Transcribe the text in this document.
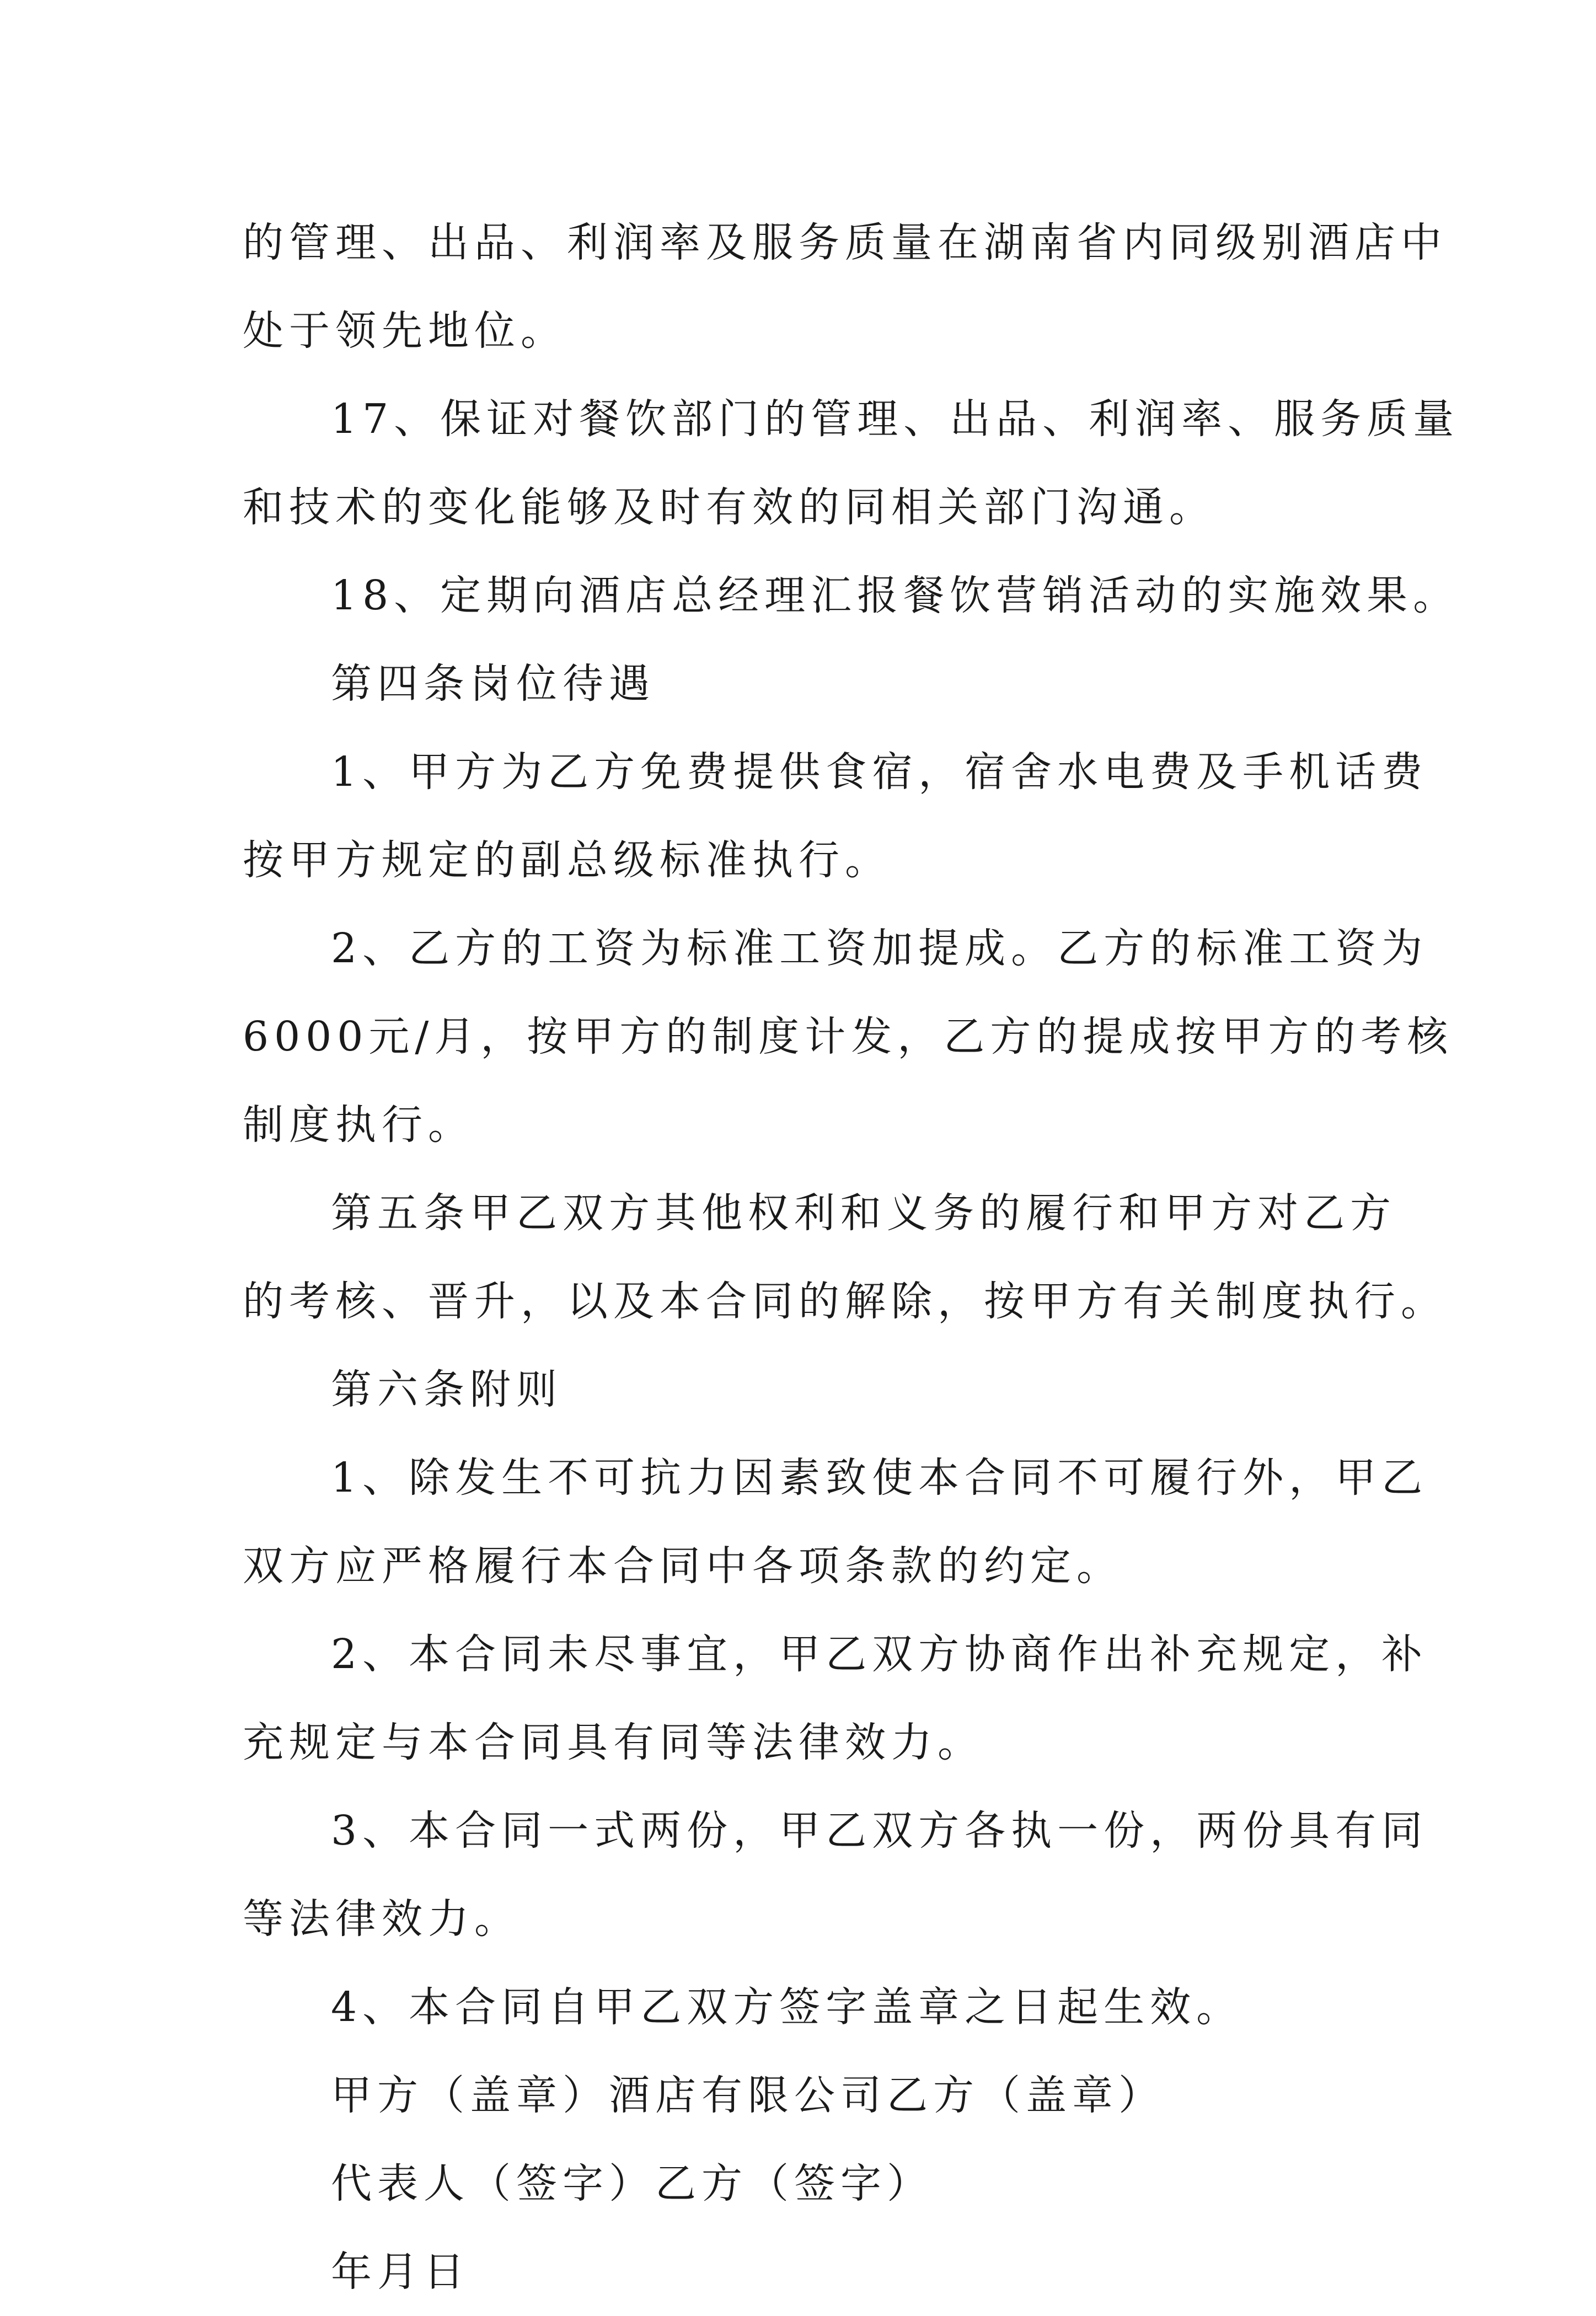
的管理、出品、利润率及服务质量在湖南省内同级别酒店中
处于领先地位。
17、保证对餐饮部门的管理、出品、利润率、服务质量
和技术的变化能够及时有效的同相关部门沟通。
18、定期向酒店总经理汇报餐饮营销活动的实施效果。
第四条岗位待遇
1、甲方为乙方免费提供食宿，宿舍水电费及手机话费
按甲方规定的副总级标准执行。
2、乙方的工资为标准工资加提成。乙方的标准工资为
6000元/月，按甲方的制度计发，乙方的提成按甲方的考核
制度执行。
第五条甲乙双方其他权利和义务的履行和甲方对乙方
的考核、晋升，以及本合同的解除，按甲方有关制度执行。
第六条附则
1、除发生不可抗力因素致使本合同不可履行外，甲乙
双方应严格履行本合同中各项条款的约定。
2、本合同未尽事宜，甲乙双方协商作出补充规定，补
充规定与本合同具有同等法律效力。
3、本合同一式两份，甲乙双方各执一份，两份具有同
等法律效力。
4、本合同自甲乙双方签字盖章之日起生效。
甲方（盖章）酒店有限公司乙方（盖章）
代表人（签字）乙方（签字）
年月日
